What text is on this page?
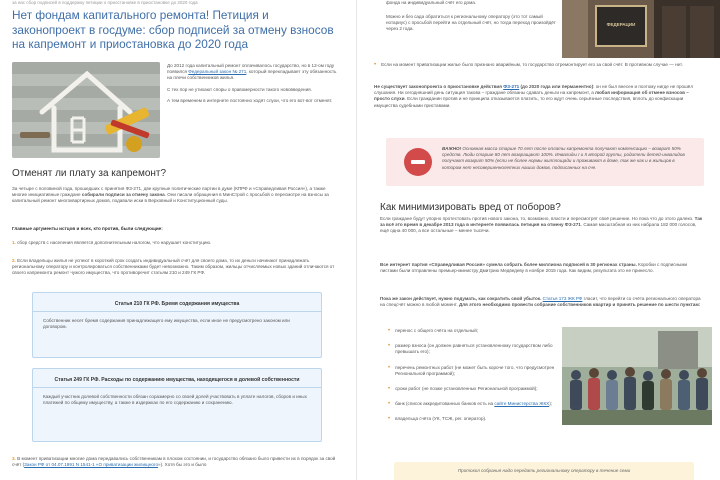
за нас сбор подписей в поддержку петиции о приостановке в приостановке до 2020 года
Нет фондам капитального ремонта! Петиция и законопроект в госдуме: сбор подписей за отмену взносов на капремонт и приостановка до 2020 года

До 2012 года капитальный ремонт оплачивалось государство, но в 12-ом году появился Федеральный закон № 271, который перекладывает эту обязанность на плечи собственников жилья.

С тех пор не утихают споры о правомерности такого нововведения.

А тем временем в интернете постоянно ходят слухи, что его вот-вот отменят.

Отменят ли плату за капремонт?
За четыре с половиной года, прошедших с принятия ФЗ-271, две крупные политические партии в думе (КПРФ и «Справедливая Россия»), а также многие инициативные граждане собирали подписи за отмену закона. Они писали обращения в МинСтрой с просьбой о пересмотре на взносы за капитальный ремонт многоквартирных домов, подавали иски в Верховный и Конституционный суды.
Главные аргументы истцов и всех, кто против, были следующие:
1. сбор средств с населения является дополнительным налогом, что нарушает конституцию.
2. Если владельцы жилья не успеют в короткий срок создать индивидуальный счёт для своего дома, то их деньги начинают принадлежать региональному оператору и контролироваться собственниками будет невозможно. Таким образом, жильцы отчисляемых новых зданий отличаются от своего капремонта ремонт чужого имущества, что противоречит статьям 210 и 249 ГК РФ.
Статья 210 ГК РФ. Бремя содержания имущества
Собственник несет бремя содержания принадлежащего ему имущества, если иное не предусмотрено законом или договором.
Статья 249 ГК РФ. Расходы по содержанию имущества, находящегося в долевой собственности
Каждый участник долевой собственности обязан соразмерно со своей долей участвовать в уплате налогов, сборов и иных платежей по общему имуществу, а также в издержках по его содержанию и сохранению.
3. В момент приватизации многие дома передавались собственникам в плохом состоянии, и государство обязано было привести их в порядок за свой счёт (Закон РФ от 04.07.1991 N 1541-1 «О приватизации жилищного»). Хотя бы это и было
фонда на индивидуальный счёт его дома.
Можно и без сада обратиться к региональному оператору (это тот самый нотариус) с просьбой перейти на отдельный счёт, но тогда переход произойдёт через 2 года.
ФЕДЕРАЦИИ
• Если на момент приватизации жилье было признано аварийным, то государство отремонтирует его за свой счёт. В противном случае — нет.
Не существует законопроекта о приостановке действия ФЗ-271 (до 2020 года или перманентно): он не был внесен и поэтому нигде не прошёл слушания. Ни сегодняшний день ситуация такова – граждане обязаны сдавать деньги на капремонт, а любая информация об отмене взносов – просто слухи. Если гражданин против и не принципа отказывается платить, то его ждут очень серьёзные последствия, вплоть до конфискации имущества судебными приставами.
ВАЖНО! Основная масса старше 70 лет после оплаты капремонта получают компенсацию – возврат 50% средств. Люди старше 80 лет возвращают 100%. Инвалиды I и II второй группы, родители детей-инвалидов получают возврат 50% (если не более нормы жилплощади и проживают в доме, так же как и в жильцов в котором нет несовершеннолетних наших домов, подписанных на сче.
Как минимизировать вред от поборов?
Если граждане будут упорно протестовать против нового закона, то, возможно, власти и пересмотрят своё решение. Но пока что до этого далеко. Так за всё это время в декабре 2013 года в интернете появилась петиция на отмену ФЗ-271. Самая масштабная из них набрала 182 000 голосов, ещё одна 40 000, а все остальные – менее тысячи.
Все интернет партия «Справедливая Россия» сумела собрать более миллиона подписей в 30 регионах страны. Коробки с подписными листами были отправлены премьер-министру Дмитрию Медведеву в ноябре 2015 года. Как видим, результата это не принесло.
Пока же закон действует, нужно подумать, как сократить свой убыток. Статья 173 ЖК РФ гласит, что перейти со счёта регионального оператора на спецсчёт можно в любой момент. Для этого необходимо провести собрание собственников квартир и принять решение по шести пунктам:
• перенос с общего счёта на отдельный;
• размер взноса (он должен равняться установленному государством либо превышать его);
• перечень ремонтных работ (не может быть короче того, что предусмотрен Региональной программой);
• сроки работ (не позже установленных Региональной программой);
• банк (список аккредитованных банков есть на сайте Министерства ЖКХ);
• владельца счёта (УК, ТСЖ, рег. оператор).
Протокол собрания надо передать региональному оператору в течение семи
